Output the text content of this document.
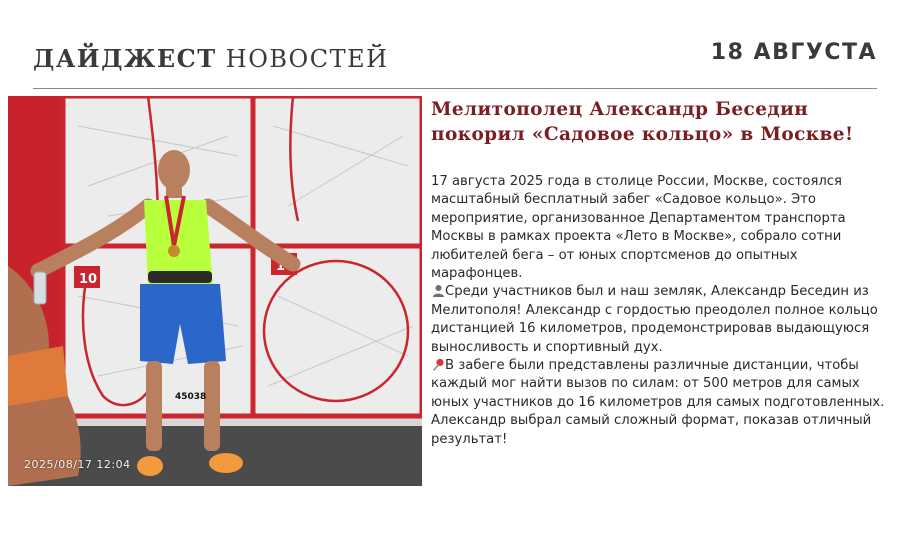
ДАЙДЖЕСТ НОВОСТЕЙ	18 АВГУСТА
10
10
45038
2025/08/17 12:04
Мелитополец Александр Беседин покорил «Садовое кольцо» в Москве!

17 августа 2025 года в столице России, Москве, состоялся масштабный бесплатный забег «Садовое кольцо». Это мероприятие, организованное Департаментом транспорта Москвы в рамках проекта «Лето в Москве», собрало сотни любителей бега – от юных спортсменов до опытных марафонцев.

Среди участников был и наш земляк, Александр Беседин из Мелитополя! Александр с гордостью преодолел полное кольцо дистанцией 16 километров, продемонстрировав выдающуюся выносливость и спортивный дух.

В забеге были представлены различные дистанции, чтобы каждый мог найти вызов по силам: от 500 метров для самых юных участников до 16 километров для самых подготовленных. Александр выбрал самый сложный формат, показав отличный результат!
